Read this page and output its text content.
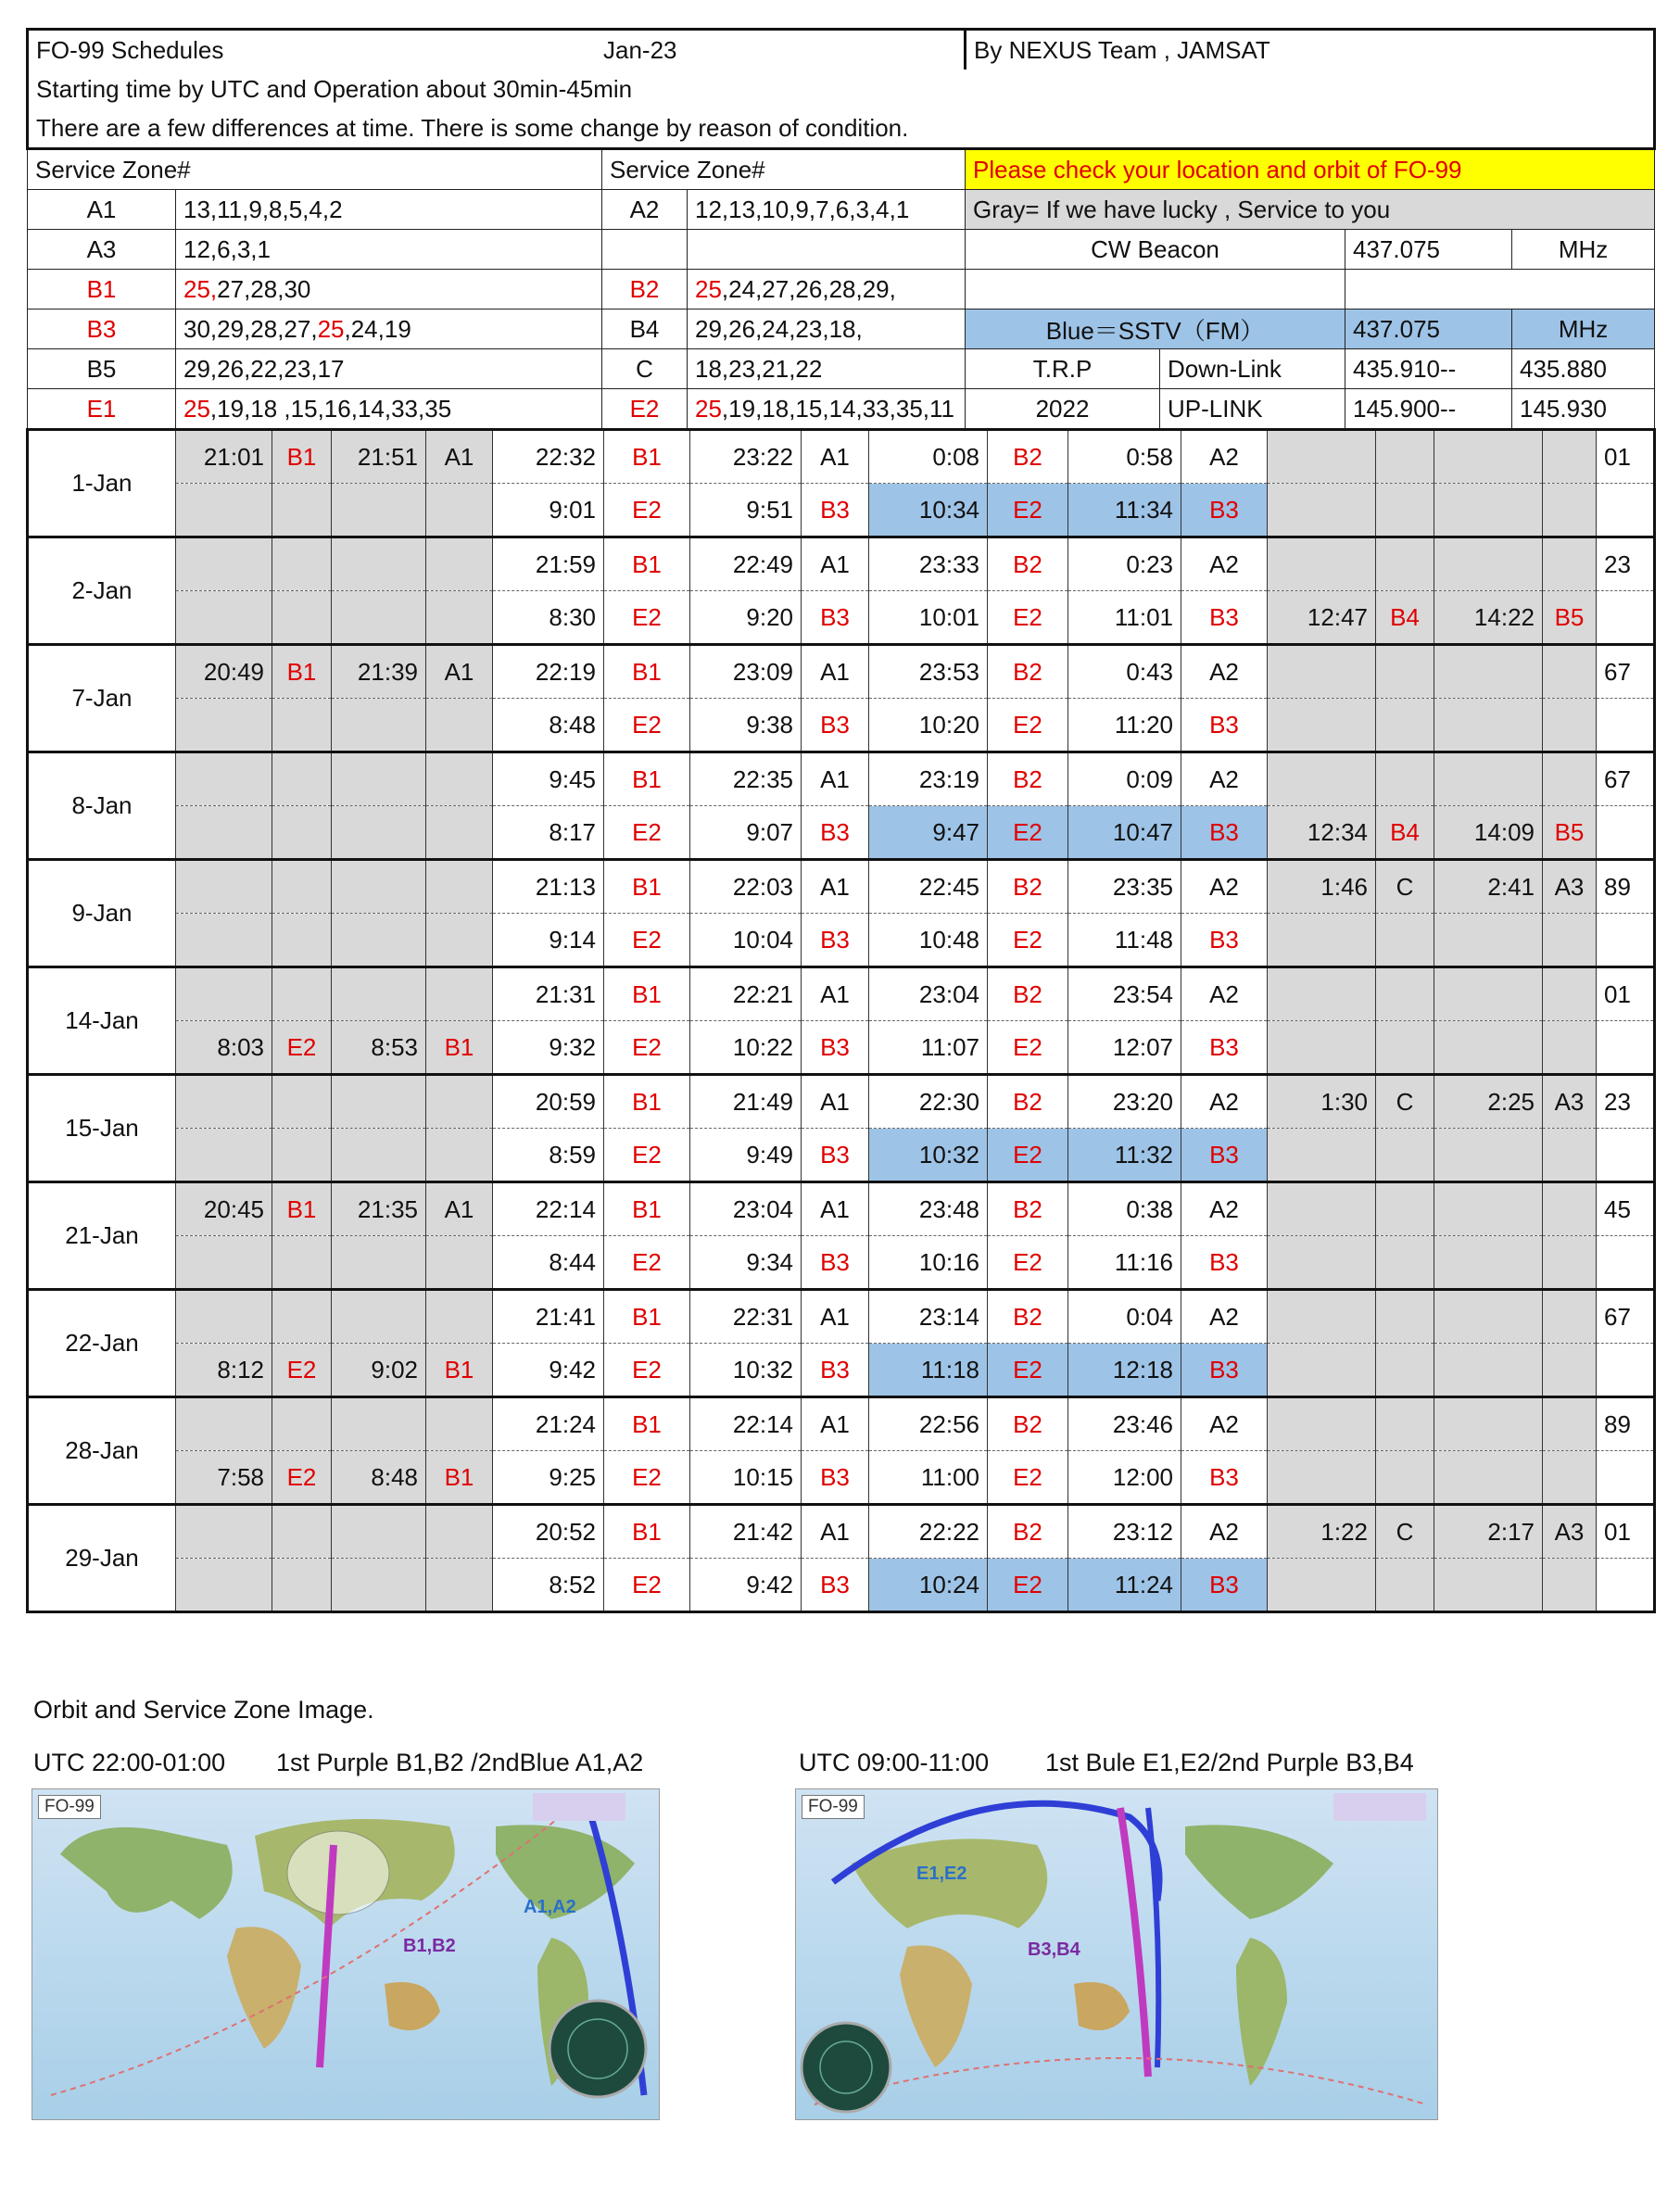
FO-99 Schedules Jan-23				By NEXUS Team , JAMSAT			
Starting time by UTC and Operation about 30min-45min							
There are a few differences at time. There is some change by reason of condition.							
Service Zone#		Service Zone#		Please check your location and orbit of FO-99			
A1	13,11,9,8,5,4,2	A2	12,13,10,9,7,6,3,4,1	Gray= If we have lucky , Service to you			
A3	12,6,3,1			CW Beacon		437.075	MHz
B1	25,27,28,30	B2	25,24,27,26,28,29,				
B3	30,29,28,27,25,24,19	B4	29,26,24,23,18,	Blue＝SSTV（FM）		437.075	MHz
B5	29,26,22,23,17	C	18,23,21,22	T.R.P	Down-Link	435.910--	435.880
E1	25,19,18 ,15,16,14,33,35	E2	25,19,18,15,14,33,35,11	2022	UP-LINK	145.900--	145.930
1-Jan	21:01	B1	21:51	A1	22:32	B1	23:22	A1	0:08	B2	0:58	A2					01
					9:01	E2	9:51	B3	10:34	E2	11:34	B3					
2-Jan					21:59	B1	22:49	A1	23:33	B2	0:23	A2					23
					8:30	E2	9:20	B3	10:01	E2	11:01	B3	12:47	B4	14:22	B5	
7-Jan	20:49	B1	21:39	A1	22:19	B1	23:09	A1	23:53	B2	0:43	A2					67
					8:48	E2	9:38	B3	10:20	E2	11:20	B3					
8-Jan					9:45	B1	22:35	A1	23:19	B2	0:09	A2					67
					8:17	E2	9:07	B3	9:47	E2	10:47	B3	12:34	B4	14:09	B5	
9-Jan					21:13	B1	22:03	A1	22:45	B2	23:35	A2	1:46	C	2:41	A3	89
					9:14	E2	10:04	B3	10:48	E2	11:48	B3					
14-Jan					21:31	B1	22:21	A1	23:04	B2	23:54	A2					01
	8:03	E2	8:53	B1	9:32	E2	10:22	B3	11:07	E2	12:07	B3					
15-Jan					20:59	B1	21:49	A1	22:30	B2	23:20	A2	1:30	C	2:25	A3	23
					8:59	E2	9:49	B3	10:32	E2	11:32	B3					
21-Jan	20:45	B1	21:35	A1	22:14	B1	23:04	A1	23:48	B2	0:38	A2					45
					8:44	E2	9:34	B3	10:16	E2	11:16	B3					
22-Jan					21:41	B1	22:31	A1	23:14	B2	0:04	A2					67
	8:12	E2	9:02	B1	9:42	E2	10:32	B3	11:18	E2	12:18	B3					
28-Jan					21:24	B1	22:14	A1	22:56	B2	23:46	A2					89
	7:58	E2	8:48	B1	9:25	E2	10:15	B3	11:00	E2	12:00	B3					
29-Jan					20:52	B1	21:42	A1	22:22	B2	23:12	A2	1:22	C	2:17	A3	01
					8:52	E2	9:42	B3	10:24	E2	11:24	B3					
Orbit and Service Zone Image.
UTC 22:00-01:00 1st Purple B1,B2 /2ndBlue A1,A2	UTC 09:00-11:00 1st Bule E1,E2/2nd Purple B3,B4
FO-99
B1,B2
A1,A2
FO-99
E1,E2
B3,B4
